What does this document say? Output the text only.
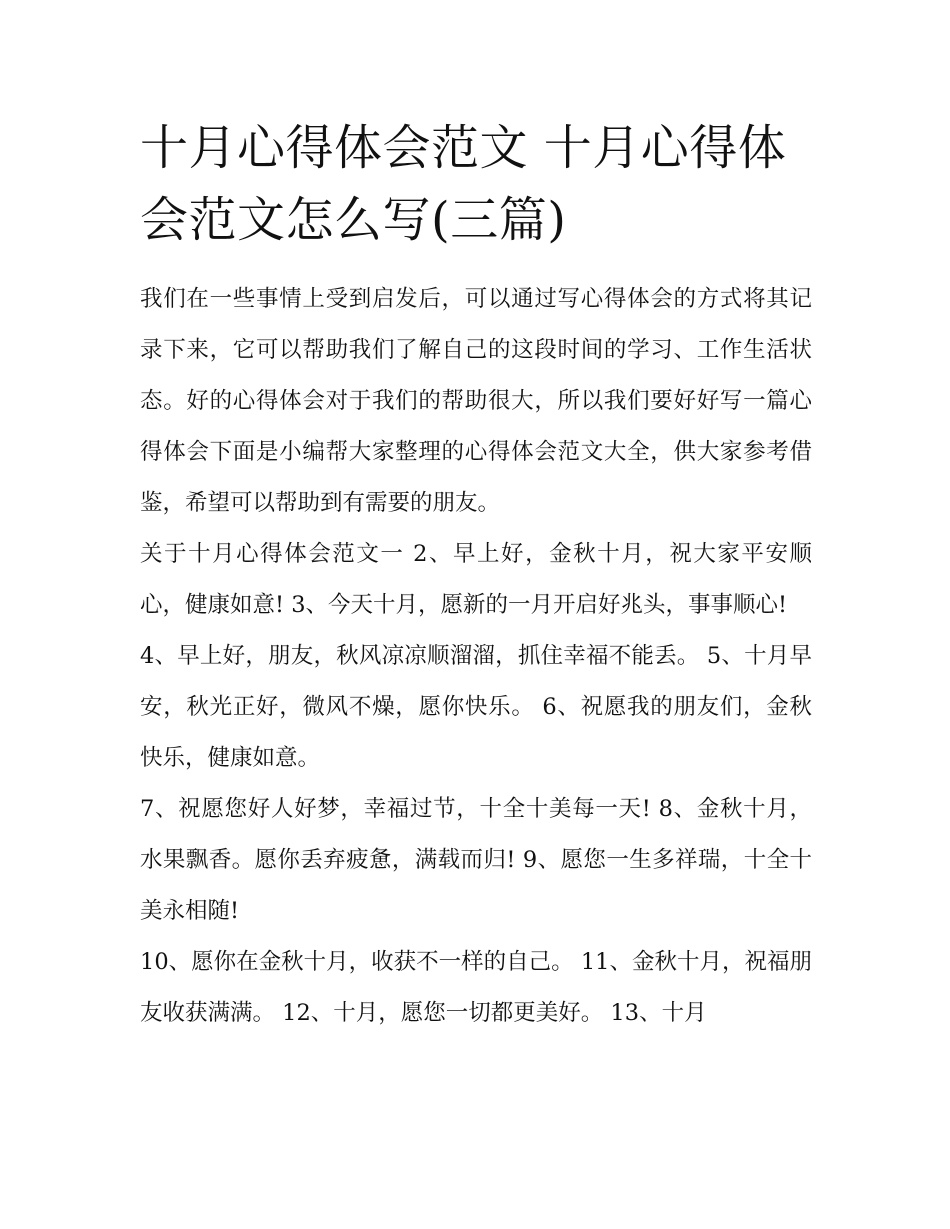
十月心得体会范文 十月心得体会范文怎么写(三篇)

我们在一些事情上受到启发后，可以通过写心得体会的方式将其记录下来，它可以帮助我们了解自己的这段时间的学习、工作生活状态。好的心得体会对于我们的帮助很大，所以我们要好好写一篇心得体会下面是小编帮大家整理的心得体会范文大全，供大家参考借鉴，希望可以帮助到有需要的朋友。

关于十月心得体会范文一 2、早上好，金秋十月，祝大家平安顺心，健康如意! 3、今天十月，愿新的一月开启好兆头，事事顺心!

4、早上好，朋友，秋风凉凉顺溜溜，抓住幸福不能丢。 5、十月早安，秋光正好，微风不燥，愿你快乐。 6、祝愿我的朋友们，金秋快乐，健康如意。

7、祝愿您好人好梦，幸福过节，十全十美每一天! 8、金秋十月，水果飘香。愿你丢弃疲惫，满载而归! 9、愿您一生多祥瑞，十全十美永相随!

10、愿你在金秋十月，收获不一样的自己。 11、金秋十月，祝福朋友收获满满。 12、十月，愿您一切都更美好。 13、十月
